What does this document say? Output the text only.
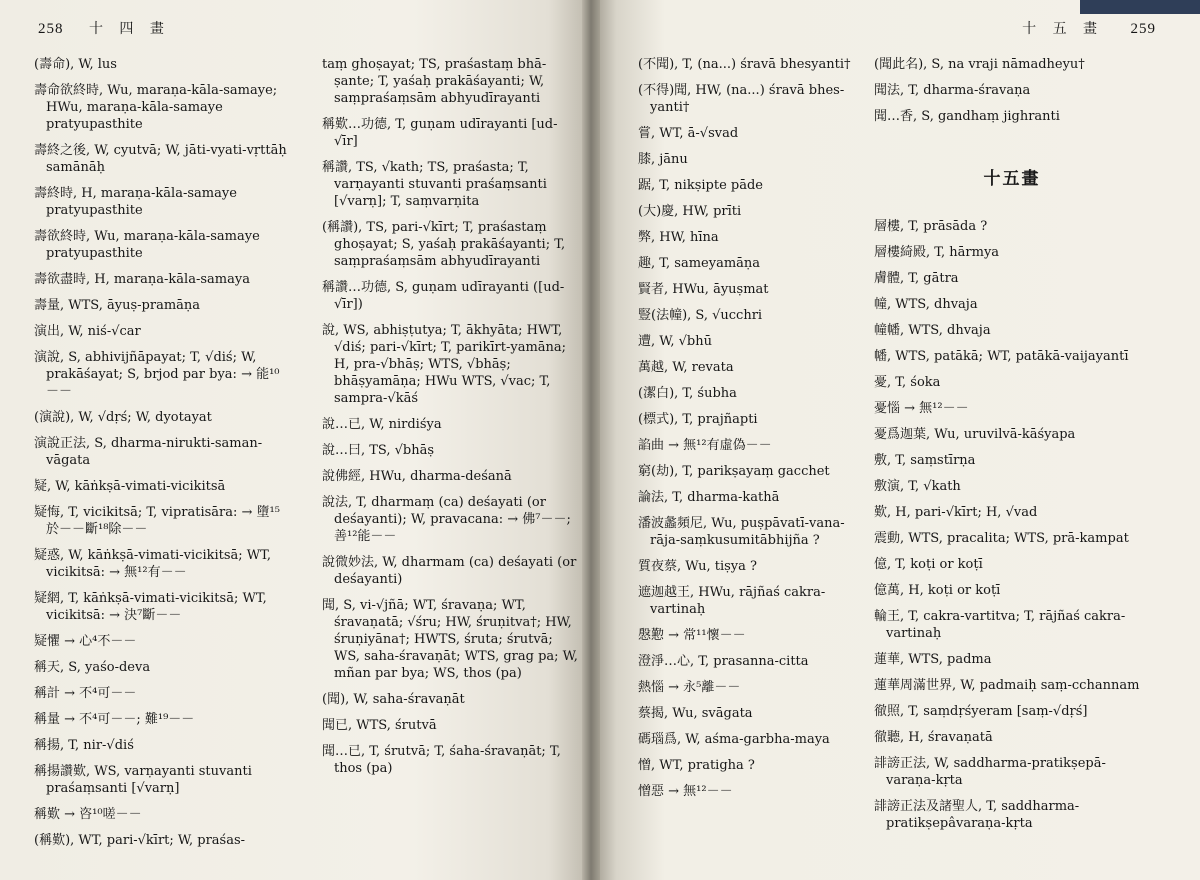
258 十 四 畫
(壽命), W, lus
壽命欲終時, Wu, maraṇa-kāla-samaye; HWu, maraṇa-kāla-samaye pratyupasthite
壽終之後, W, cyutvā; W, jāti-vyati-vṛttāḥ samānāḥ
壽終時, H, maraṇa-kāla-samaye pratyupasthite
壽欲終時, Wu, maraṇa-kāla-samaye pratyupasthite
壽欲盡時, H, maraṇa-kāla-samaya
壽量, WTS, āyuṣ-pramāṇa
演出, W, niś-√car
演說, S, abhivijñāpayat; T, √diś; W, prakāśayat; S, brjod par bya: → 能¹⁰－－
(演說), W, √dṛś; W, dyotayat
演說正法, S, dharma-nirukti-saman-vāgata
疑, W, kāṅkṣā-vimati-vicikitsā
疑悔, T, vicikitsā; T, vipratisāra: → 墮¹⁵於－－斷¹⁸除－－
疑惑, W, kāṅkṣā-vimati-vicikitsā; WT, vicikitsā: → 無¹²有－－
疑網, T, kāṅkṣā-vimati-vicikitsā; WT, vicikitsā: → 決⁷斷－－
疑懼 → 心⁴不－－
稱天, S, yaśo-deva
稱計 → 不⁴可－－
稱量 → 不⁴可－－; 難¹⁹－－
稱揚, T, nir-√diś
稱揚讚歎, WS, varṇayanti stuvanti praśaṃsanti [√varṇ]
稱歎 → 咨¹⁰嗟－－
(稱歎), WT, pari-√kīrt; W, praśas-
taṃ ghoṣayat; TS, praśastaṃ bhā-ṣante; T, yaśaḥ prakāśayanti; W, saṃpraśaṃsām abhyudīrayanti
稱歎…功德, T, guṇam udīrayanti [ud-√īr]
稱讚, TS, √kath; TS, praśasta; T, varṇayanti stuvanti praśaṃsanti [√varṇ]; T, saṃvarṇita
(稱讚), TS, pari-√kīrt; T, praśastaṃ ghoṣayat; S, yaśaḥ prakāśayanti; T, saṃpraśaṃsām abhyudīrayanti
稱讚…功德, S, guṇam udīrayanti ([ud-√īr])
說, WS, abhiṣṭutya; T, ākhyāta; HWT, √diś; pari-√kīrt; T, parikīrt-yamāna; H, pra-√bhāṣ; WTS, √bhāṣ; bhāṣyamāṇa; HWu WTS, √vac; T, sampra-√kāś
說…已, W, nirdiśya
說…曰, TS, √bhāṣ
說佛經, HWu, dharma-deśanā
說法, T, dharmaṃ (ca) deśayati (or deśayanti); W, pravacana: → 佛⁷－－; 善¹²能－－
說微妙法, W, dharmam (ca) deśayati (or deśayanti)
聞, S, vi-√jñā; WT, śravaṇa; WT, śravaṇatā; √śru; HW, śruṇitva†; HW, śruṇiyāna†; HWTS, śruta; śrutvā; WS, saha-śravaṇāt; WTS, grag pa; W, mñan par bya; WS, thos (pa)
(聞), W, saha-śravaṇāt
聞已, WTS, śrutvā
聞…已, T, śrutvā; T, śaha-śravaṇāt; T, thos (pa)
十 五 畫 259
(不聞), T, (na...) śravā bhesyanti†
(不得)聞, HW, (na...) śravā bhes-yanti†
嘗, WT, ā-√svad
膝, jānu
踞, T, nikṣipte pāde
(大)慶, HW, prīti
弊, HW, hīna
趣, T, sameyamāṇa
賢者, HWu, āyuṣmat
豎(法幢), S, √ucchri
遭, W, √bhū
萬越, W, revata
(潔白), T, śubha
(標式), T, prajñapti
諂曲 → 無¹²有虛偽－－
窮(劫), T, parikṣayaṃ gacchet
論法, T, dharma-kathā
潘波蠡頻尼, Wu, puṣpāvatī-vana-rāja-saṃkusumitābhijña ?
質夜蔡, Wu, tiṣya ?
遮迦越王, HWu, rājñaś cakra-vartinaḥ
慇懃 → 常¹¹懷－－
澄淨…心, T, prasanna-citta
熱惱 → 永⁵離－－
蔡揭, Wu, svāgata
碼瑙爲, W, aśma-garbha-maya
憎, WT, pratigha ?
憎惡 → 無¹²－－
(聞此名), S, na vraji nāmadheyu†
聞法, T, dharma-śravaṇa
聞…香, S, gandhaṃ jighranti
十五畫
層樓, T, prāsāda ?
層樓綺殿, T, hārmya
膚體, T, gātra
幢, WTS, dhvaja
幢幡, WTS, dhvaja
幡, WTS, patākā; WT, patākā-vaijayantī
憂, T, śoka
憂惱 → 無¹²－－
憂爲迦葉, Wu, uruvilvā-kāśyapa
敷, T, saṃstīrṇa
敷演, T, √kath
歎, H, pari-√kīrt; H, √vad
震動, WTS, pracalita; WTS, prā-kampat
億, T, koṭi or koṭī
億萬, H, koṭi or koṭī
輪王, T, cakra-vartitva; T, rājñaś cakra-vartinaḥ
蓮華, WTS, padma
蓮華周滿世界, W, padmaiḥ saṃ-cchannam
徹照, T, saṃdṛśyeram [saṃ-√dṛś]
徹聽, H, śravaṇatā
誹謗正法, W, saddharma-pratikṣepā-varaṇa-kṛta
誹謗正法及諸聖人, T, saddharma-pratikṣepâvaraṇa-kṛta
